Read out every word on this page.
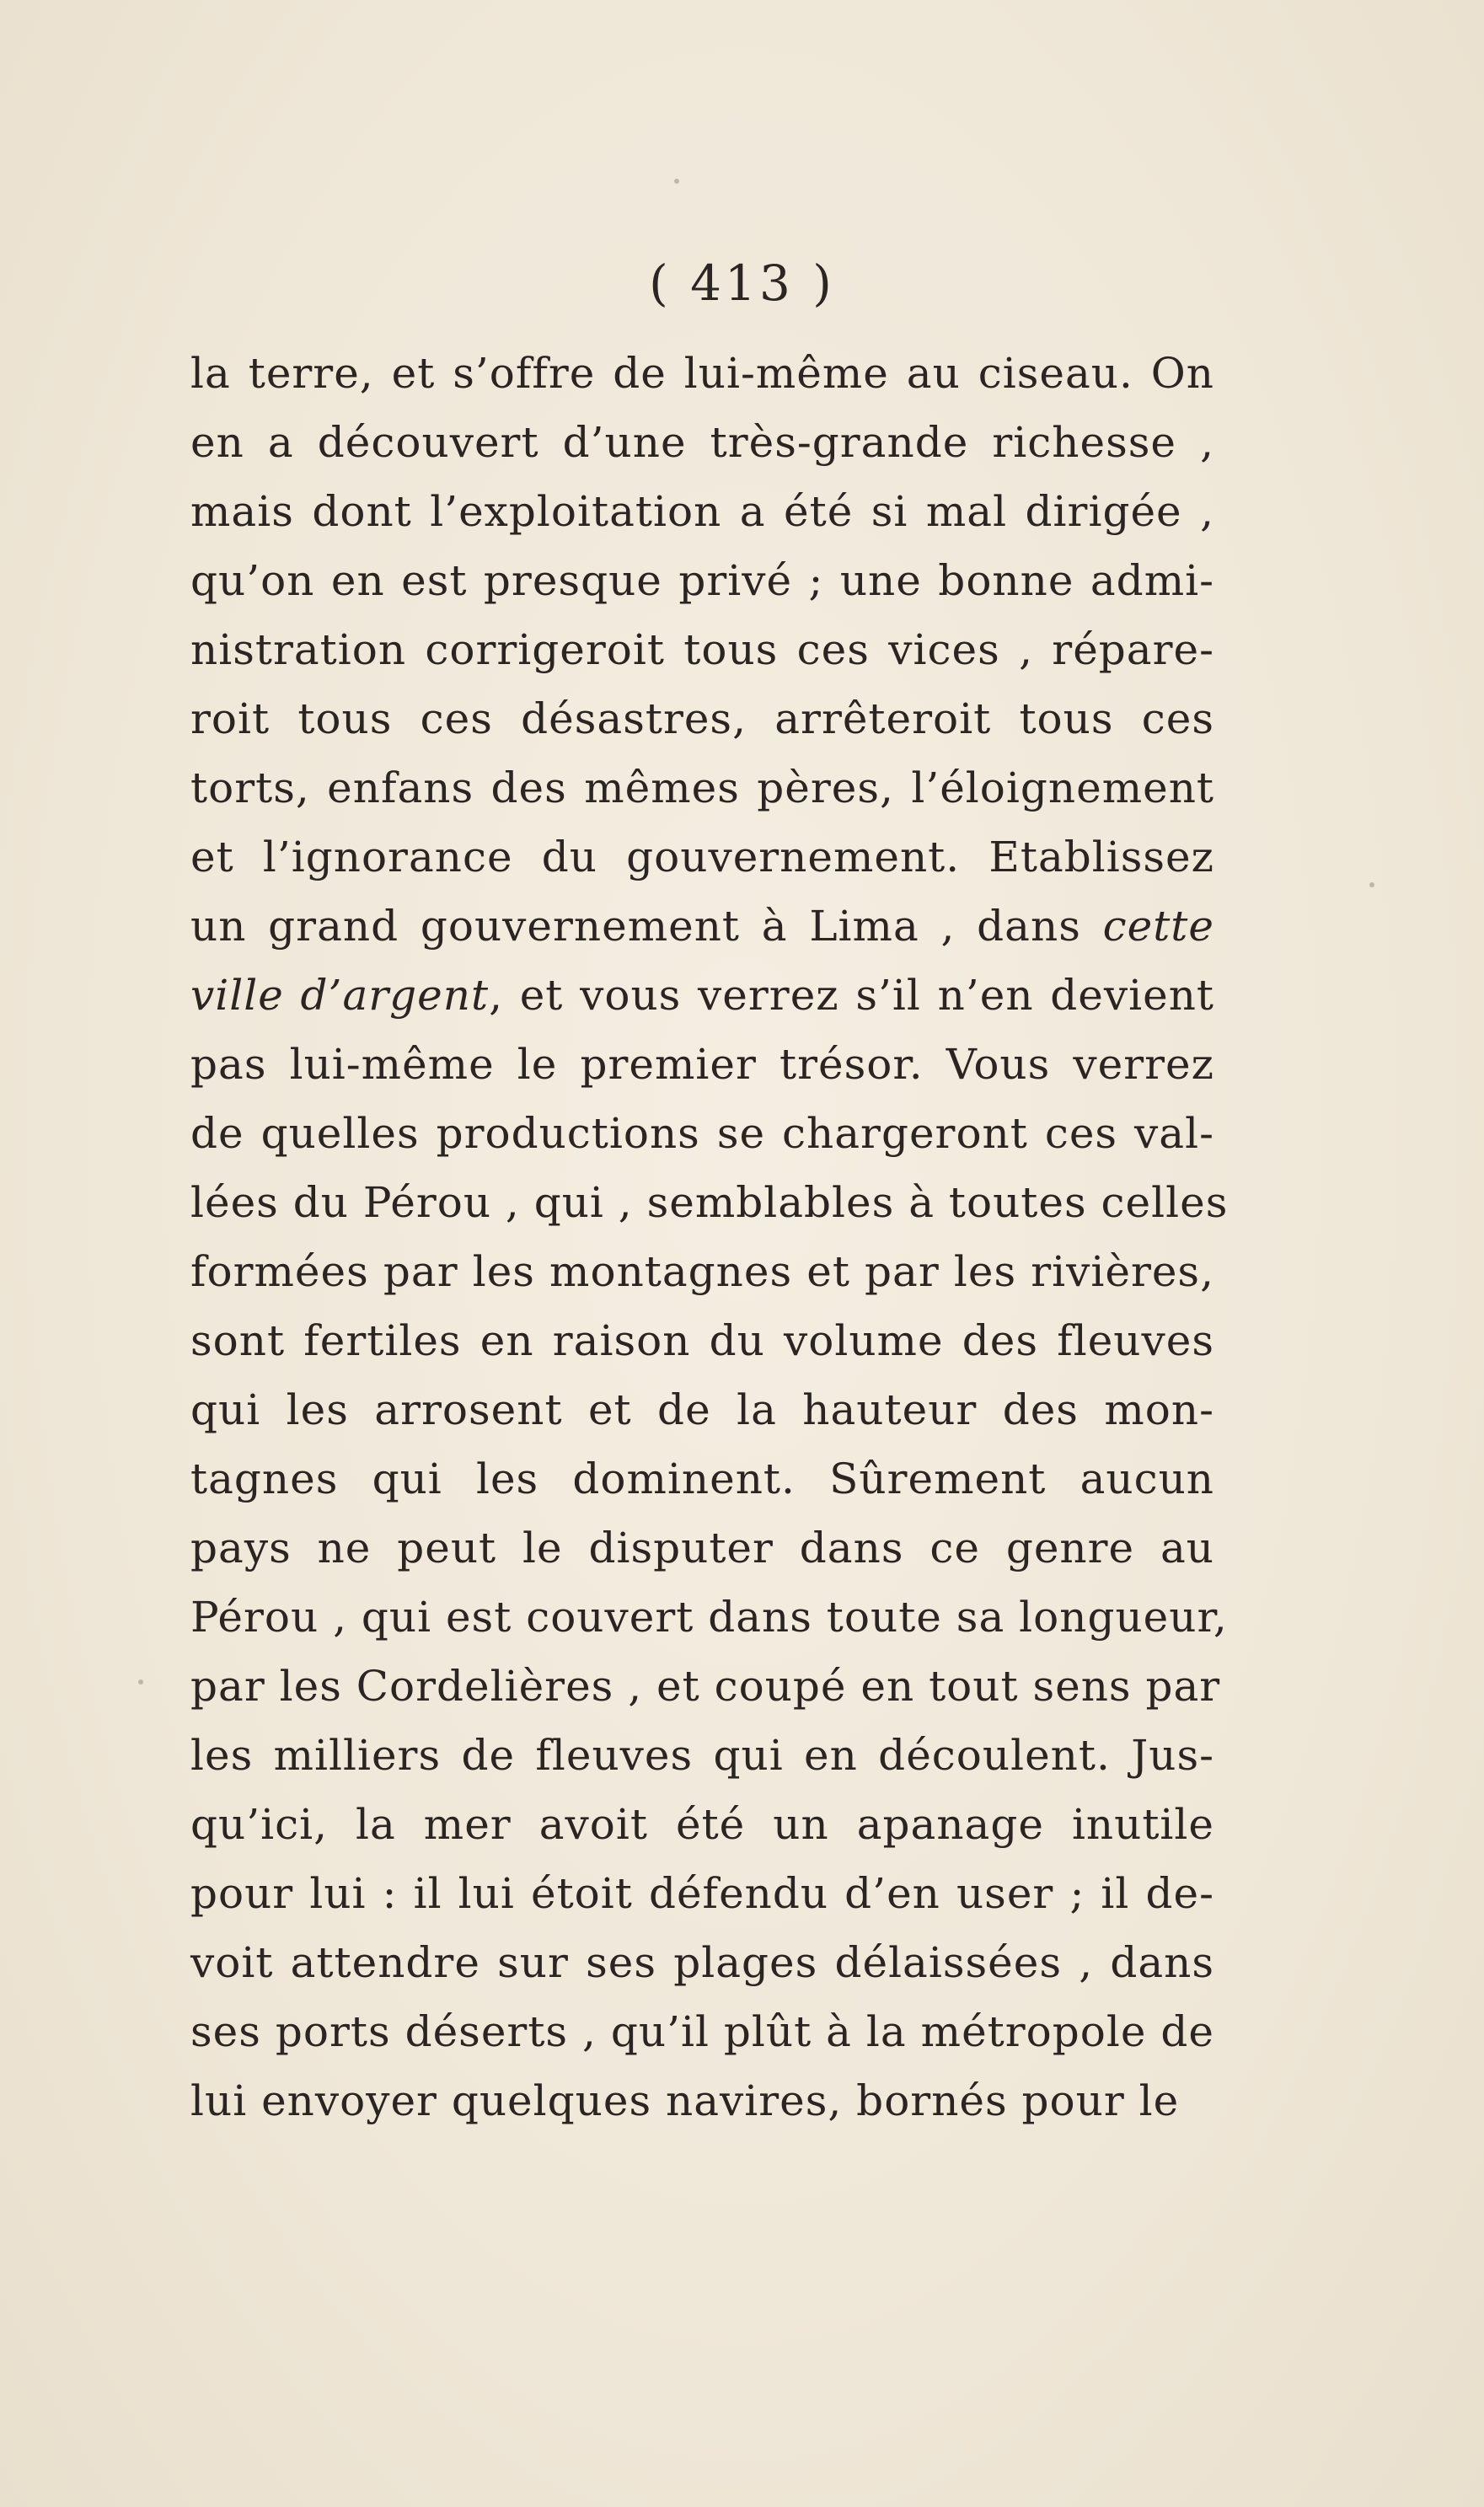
( 413 )

la terre, et s’offre de lui-même au ciseau. On
en a découvert d’une très-grande richesse ,
mais dont l’exploitation a été si mal dirigée ,
qu’on en est presque privé ; une bonne admi-
nistration corrigeroit tous ces vices , répare-
roit tous ces désastres, arrêteroit tous ces
torts, enfans des mêmes pères, l’éloignement
et l’ignorance du gouvernement. Etablissez
un grand gouvernement à Lima , dans cette
ville d’argent, et vous verrez s’il n’en devient
pas lui-même le premier trésor. Vous verrez
de quelles productions se chargeront ces val-
lées du Pérou , qui , semblables à toutes celles
formées par les montagnes et par les rivières,
sont fertiles en raison du volume des fleuves
qui les arrosent et de la hauteur des mon-
tagnes qui les dominent. Sûrement aucun
pays ne peut le disputer dans ce genre au
Pérou , qui est couvert dans toute sa longueur,
par les Cordelières , et coupé en tout sens par
les milliers de fleuves qui en découlent. Jus-
qu’ici, la mer avoit été un apanage inutile
pour lui : il lui étoit défendu d’en user ; il de-
voit attendre sur ses plages délaissées , dans
ses ports déserts , qu’il plût à la métropole de
lui envoyer quelques navires, bornés pour le
